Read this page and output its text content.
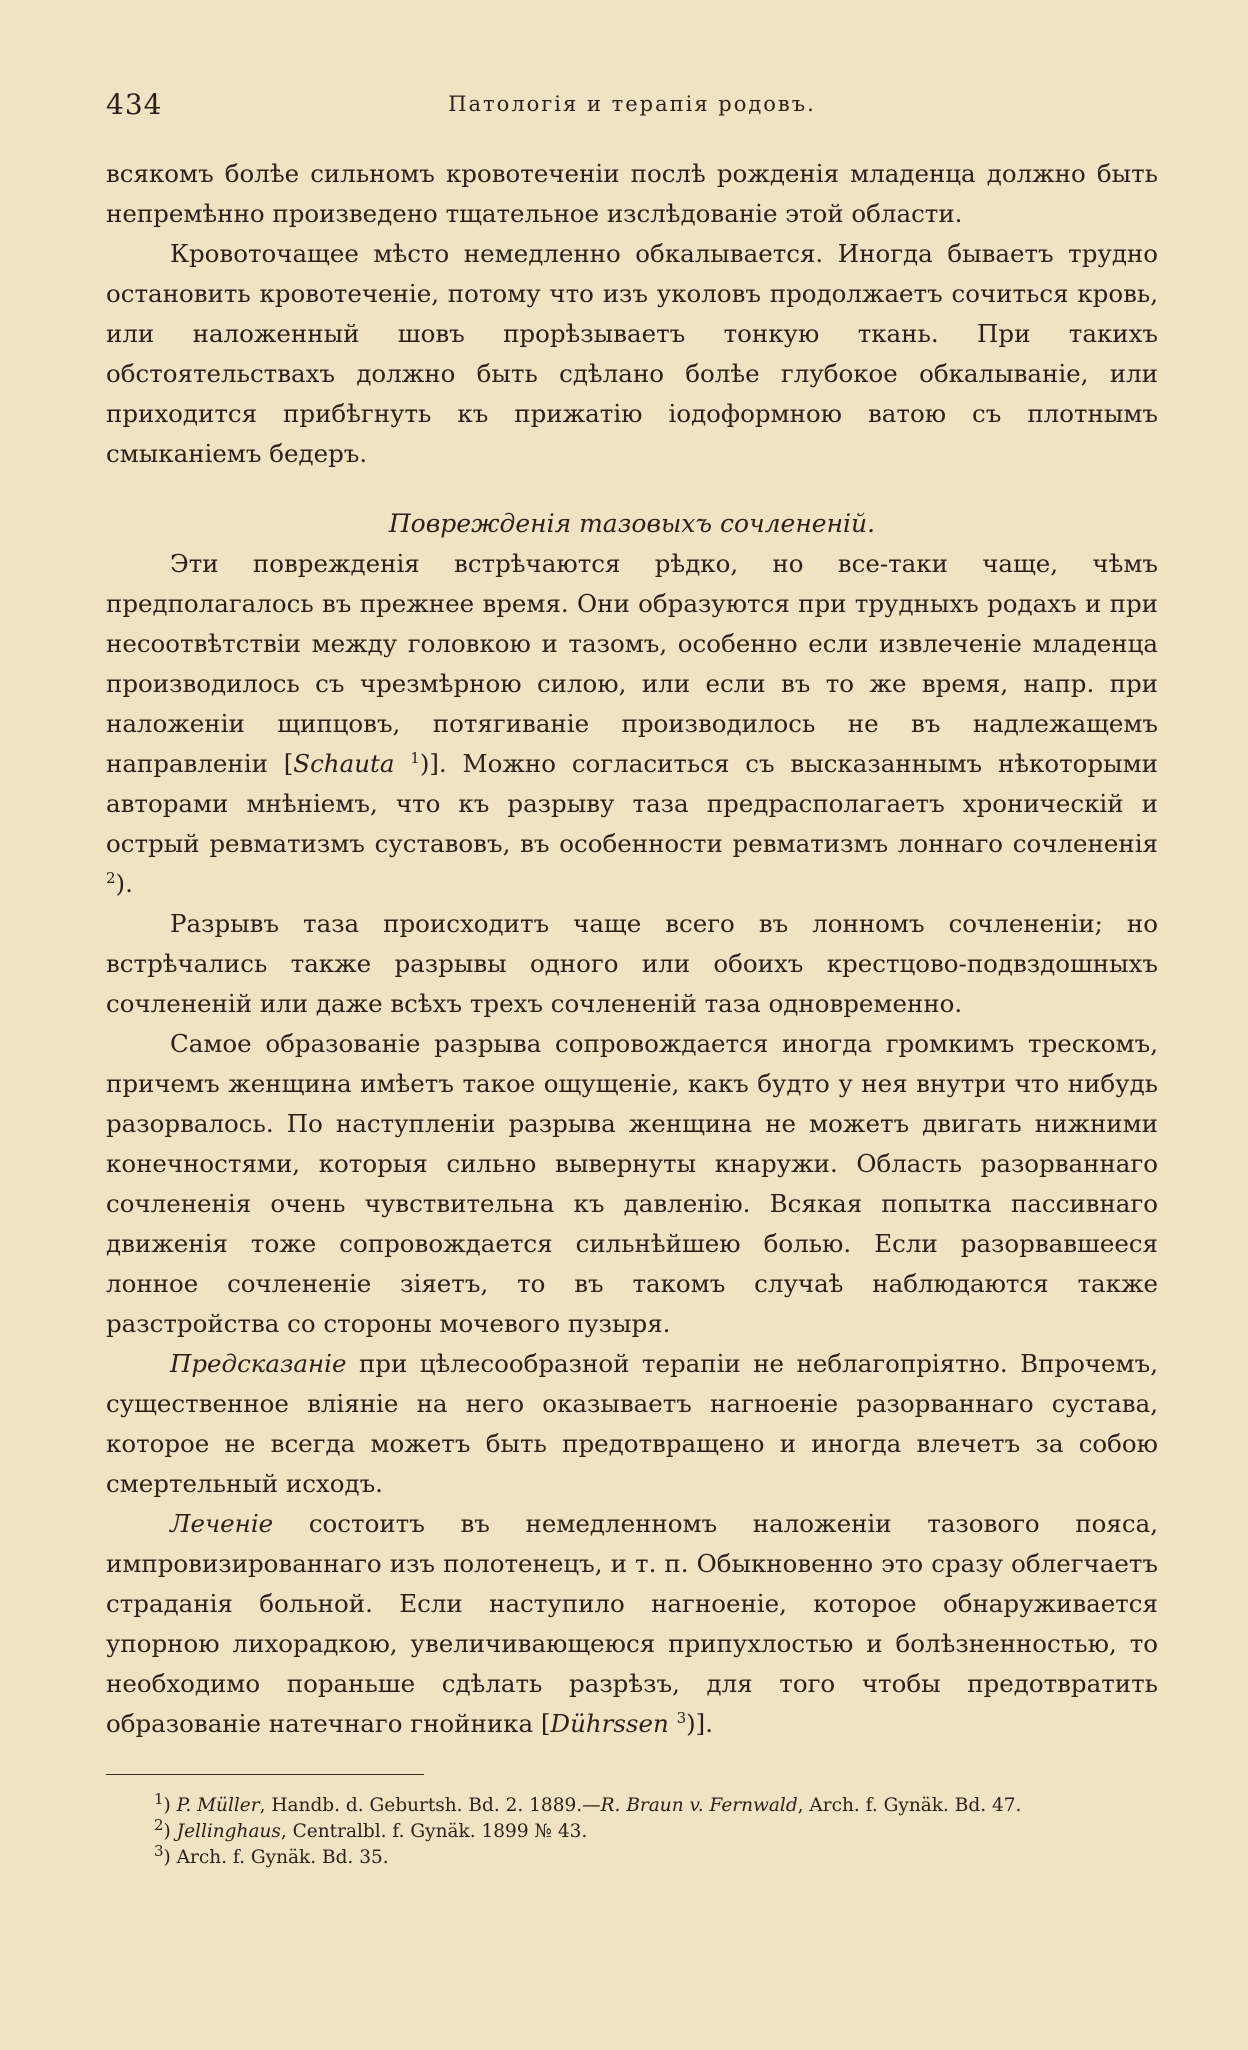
434	Патологія и терапія родовъ.

всякомъ болѣе сильномъ кровотеченіи послѣ рожденія младенца должно быть непремѣнно произведено тщательное изслѣдованіе этой области.

Кровоточащее мѣсто немедленно обкалывается. Иногда бываетъ трудно остановить кровотеченіе, потому что изъ уколовъ продолжаетъ сочиться кровь, или наложенный шовъ прорѣзываетъ тонкую ткань. При такихъ обстоятельствахъ должно быть сдѣлано болѣе глубокое обкалываніе, или приходится прибѣгнуть къ прижатію іодоформною ватою съ плотнымъ смыканіемъ бедеръ.

Поврежденія тазовыхъ сочлененій.

Эти поврежденія встрѣчаются рѣдко, но все-таки чаще, чѣмъ предполагалось въ прежнее время. Они образуются при трудныхъ родахъ и при несоотвѣтствіи между головкою и тазомъ, особенно если извлеченіе младенца производилось съ чрезмѣрною силою, или если въ то же время, напр. при наложеніи щипцовъ, потягиваніе производилось не въ надлежащемъ направленіи [Schauta $^1$)]. Можно согласиться съ высказаннымъ нѣкоторыми авторами мнѣніемъ, что къ разрыву таза предрасполагаетъ хроническій и острый ревматизмъ суставовъ, въ особенности ревматизмъ лоннаго сочлененія $^2$).

Разрывъ таза происходитъ чаще всего въ лонномъ сочлененіи; но встрѣчались также разрывы одного или обоихъ крестцово-подвздошныхъ сочлененій или даже всѣхъ трехъ сочлененій таза одновременно.

Самое образованіе разрыва сопровождается иногда громкимъ трескомъ, причемъ женщина имѣетъ такое ощущеніе, какъ будто у нея внутри что нибудь разорвалось. По наступленіи разрыва женщина не можетъ двигать нижними конечностями, которыя сильно вывернуты кнаружи. Область разорваннаго сочлененія очень чувствительна къ давленію. Всякая попытка пассивнаго движенія тоже сопровождается сильнѣйшею болью. Если разорвавшееся лонное сочлененіе зіяетъ, то въ такомъ случаѣ наблюдаются также разстройства со стороны мочевого пузыря.

Предсказаніе при цѣлесообразной терапіи не неблагопріятно. Впрочемъ, существенное вліяніе на него оказываетъ нагноеніе разорваннаго сустава, которое не всегда можетъ быть предотвращено и иногда влечетъ за собою смертельный исходъ.

Леченіе состоитъ въ немедленномъ наложеніи тазового пояса, импровизированнаго изъ полотенецъ, и т. п. Обыкновенно это сразу облегчаетъ страданія больной. Если наступило нагноеніе, которое обнаруживается упорною лихорадкою, увеличивающеюся припухлостью и болѣзненностью, то необходимо пораньше сдѣлать разрѣзъ, для того чтобы предотвратить образованіе натечнаго гнойника [Dührssen $^3$)].

$^1$) P. Müller, Handb. d. Geburtsh. Bd. 2. 1889.—R. Braun v. Fernwald, Arch. f. Gynäk. Bd. 47.

$^2$) Jellinghaus, Centralbl. f. Gynäk. 1899 № 43.

$^3$) Arch. f. Gynäk. Bd. 35.
